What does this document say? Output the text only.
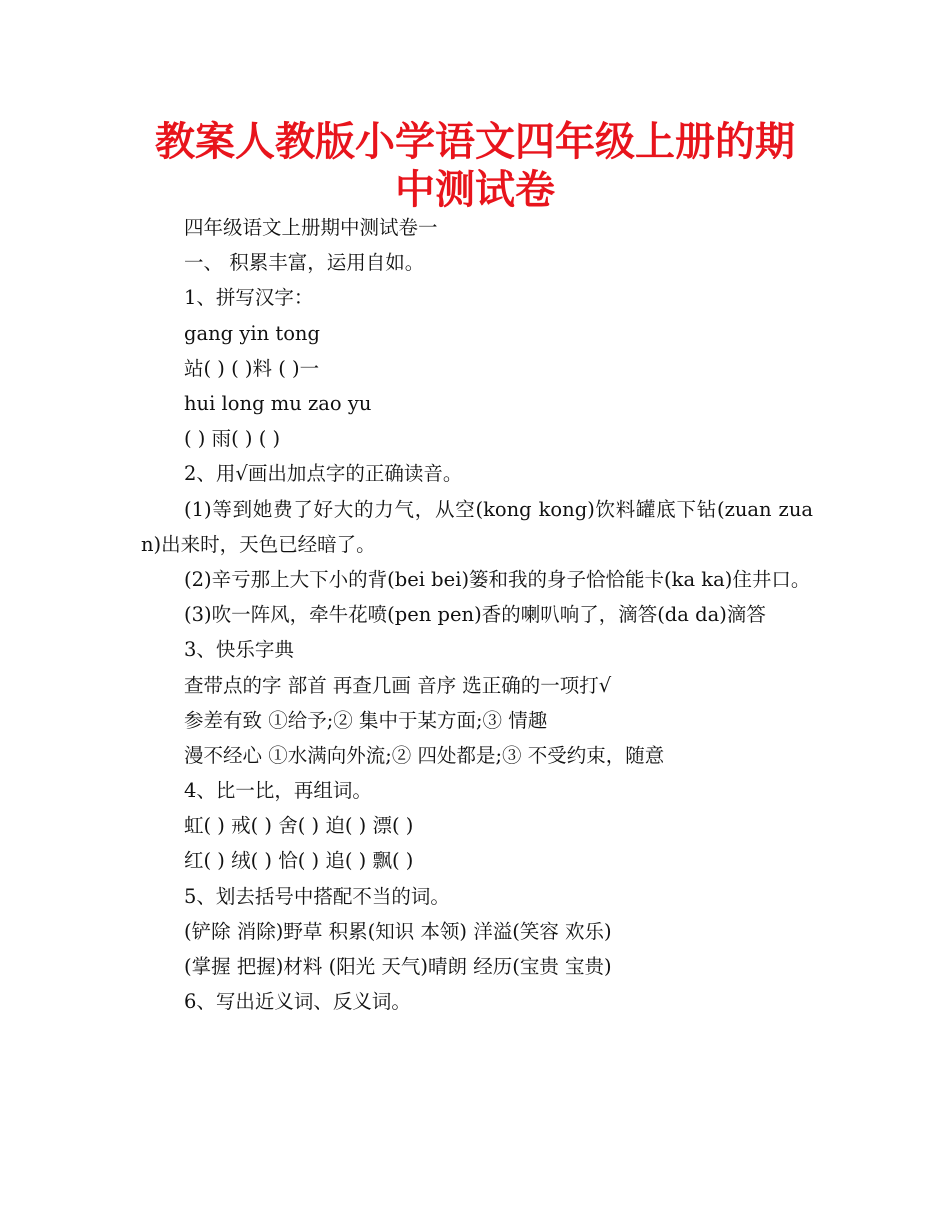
教案人教版小学语文四年级上册的期中测试卷
四年级语文上册期中测试卷一
一、 积累丰富，运用自如。
1、拼写汉字：
gang yin tong
站( ) ( )料 ( )一
hui long mu zao yu
( ) 雨( ) ( )
2、用√画出加点字的正确读音。
(1)等到她费了好大的力气，从空(kong kong)饮料罐底下钻(zuan zuan)出来时，天色已经暗了。
(2)辛亏那上大下小的背(bei bei)篓和我的身子恰恰能卡(ka ka)住井口。
(3)吹一阵风，牵牛花喷(pen pen)香的喇叭响了，滴答(da da)滴答
3、快乐字典
查带点的字 部首 再查几画 音序 选正确的一项打√
参差有致 ①给予;② 集中于某方面;③ 情趣
漫不经心 ①水满向外流;② 四处都是;③ 不受约束，随意
4、比一比，再组词。
虹( ) 戒( ) 舍( ) 迫( ) 漂( )
红( ) 绒( ) 恰( ) 追( ) 飘( )
5、划去括号中搭配不当的词。
(铲除 消除)野草 积累(知识 本领) 洋溢(笑容 欢乐)
(掌握 把握)材料 (阳光 天气)晴朗 经历(宝贵 宝贵)
6、写出近义词、反义词。
